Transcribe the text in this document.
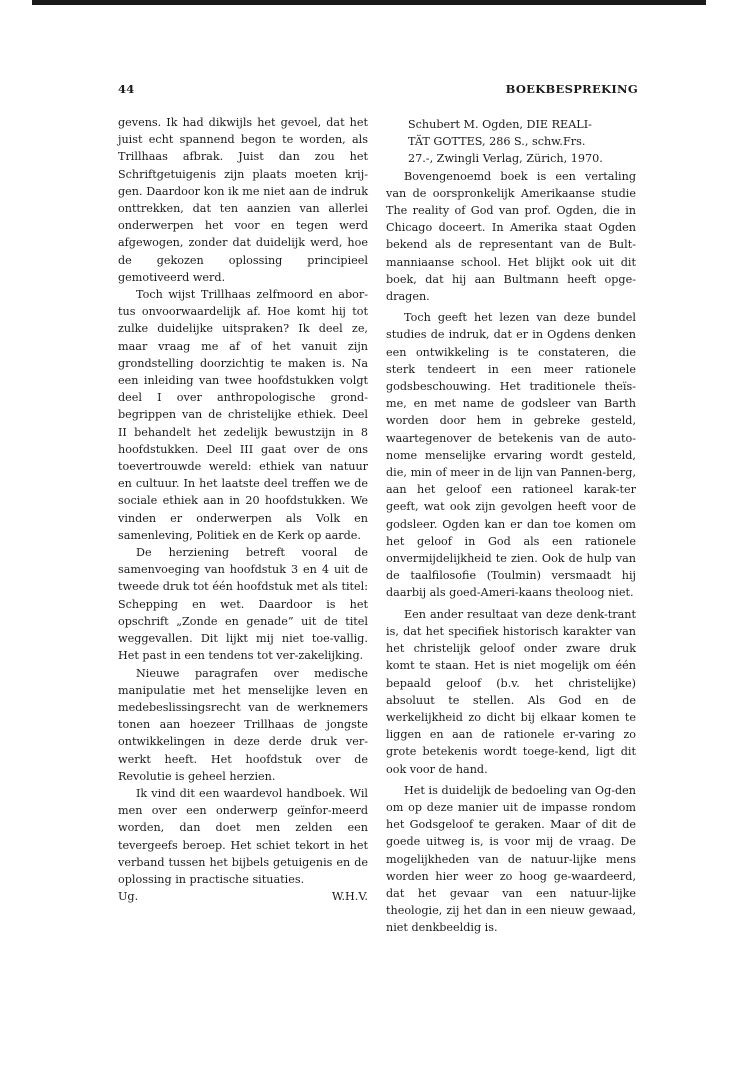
44	BOEKBESPREKING

gevens. Ik had dikwijls het gevoel, dat het juist echt spannend begon te worden, als Trillhaas afbrak. Juist dan zou het Schriftgetuigenis zijn plaats moeten krij-gen. Daardoor kon ik me niet aan de indruk onttrekken, dat ten aanzien van allerlei onderwerpen het voor en tegen werd afgewogen, zonder dat duidelijk werd, hoe de gekozen oplossing principieel gemotiveerd werd.

Toch wijst Trillhaas zelfmoord en abor-tus onvoorwaardelijk af. Hoe komt hij tot zulke duidelijke uitspraken? Ik deel ze, maar vraag me af of het vanuit zijn grondstelling doorzichtig te maken is. Na een inleiding van twee hoofdstukken volgt deel I over anthropologische grond-begrippen van de christelijke ethiek. Deel II behandelt het zedelijk bewustzijn in 8 hoofdstukken. Deel III gaat over de ons toevertrouwde wereld: ethiek van natuur en cultuur. In het laatste deel treffen we de sociale ethiek aan in 20 hoofdstukken. We vinden er onderwerpen als Volk en samenleving, Politiek en de Kerk op aarde.

De herziening betreft vooral de samenvoeging van hoofdstuk 3 en 4 uit de tweede druk tot één hoofdstuk met als titel: Schepping en wet. Daardoor is het opschrift „Zonde en genade” uit de titel weggevallen. Dit lijkt mij niet toe-vallig. Het past in een tendens tot ver-zakelijking.

Nieuwe paragrafen over medische manipulatie met het menselijke leven en medebeslissingsrecht van de werknemers tonen aan hoezeer Trillhaas de jongste ontwikkelingen in deze derde druk ver-werkt heeft. Het hoofdstuk over de Revolutie is geheel herzien.

Ik vind dit een waardevol handboek. Wil men over een onderwerp geïnfor-meerd worden, dan doet men zelden een tevergeefs beroep. Het schiet tekort in het verband tussen het bijbels getuigenis en de oplossing in practische situaties.

Ug.	W.H.V.
Schubert M. Ogden, DIE REALI-
TÄT GOTTES, 286 S., schw.Frs.
27.-, Zwingli Verlag, Zürich, 1970.

Bovengenoemd boek is een vertaling van de oorspronkelijk Amerikaanse studie The reality of God van prof. Ogden, die in Chicago doceert. In Amerika staat Ogden bekend als de representant van de Bult-manniaanse school. Het blijkt ook uit dit boek, dat hij aan Bultmann heeft opge-dragen.

Toch geeft het lezen van deze bundel studies de indruk, dat er in Ogdens denken een ontwikkeling is te constateren, die sterk tendeert in een meer rationele godsbeschouwing. Het traditionele theïs-me, en met name de godsleer van Barth worden door hem in gebreke gesteld, waartegenover de betekenis van de auto-nome menselijke ervaring wordt gesteld, die, min of meer in de lijn van Pannen-berg, aan het geloof een rationeel karak-ter geeft, wat ook zijn gevolgen heeft voor de godsleer. Ogden kan er dan toe komen om het geloof in God als een rationele onvermijdelijkheid te zien. Ook de hulp van de taalfilosofie (Toulmin) versmaadt hij daarbij als goed-Ameri-kaans theoloog niet.

Een ander resultaat van deze denk-trant is, dat het specifiek historisch karakter van het christelijk geloof onder zware druk komt te staan. Het is niet mogelijk om één bepaald geloof (b.v. het christelijke) absoluut te stellen. Als God en de werkelijkheid zo dicht bij elkaar komen te liggen en aan de rationele er-varing zo grote betekenis wordt toege-kend, ligt dit ook voor de hand.

Het is duidelijk de bedoeling van Og-den om op deze manier uit de impasse rondom het Godsgeloof te geraken. Maar of dit de goede uitweg is, is voor mij de vraag. De mogelijkheden van de natuur-lijke mens worden hier weer zo hoog ge-waardeerd, dat het gevaar van een natuur-lijke theologie, zij het dan in een nieuw gewaad, niet denkbeeldig is.
